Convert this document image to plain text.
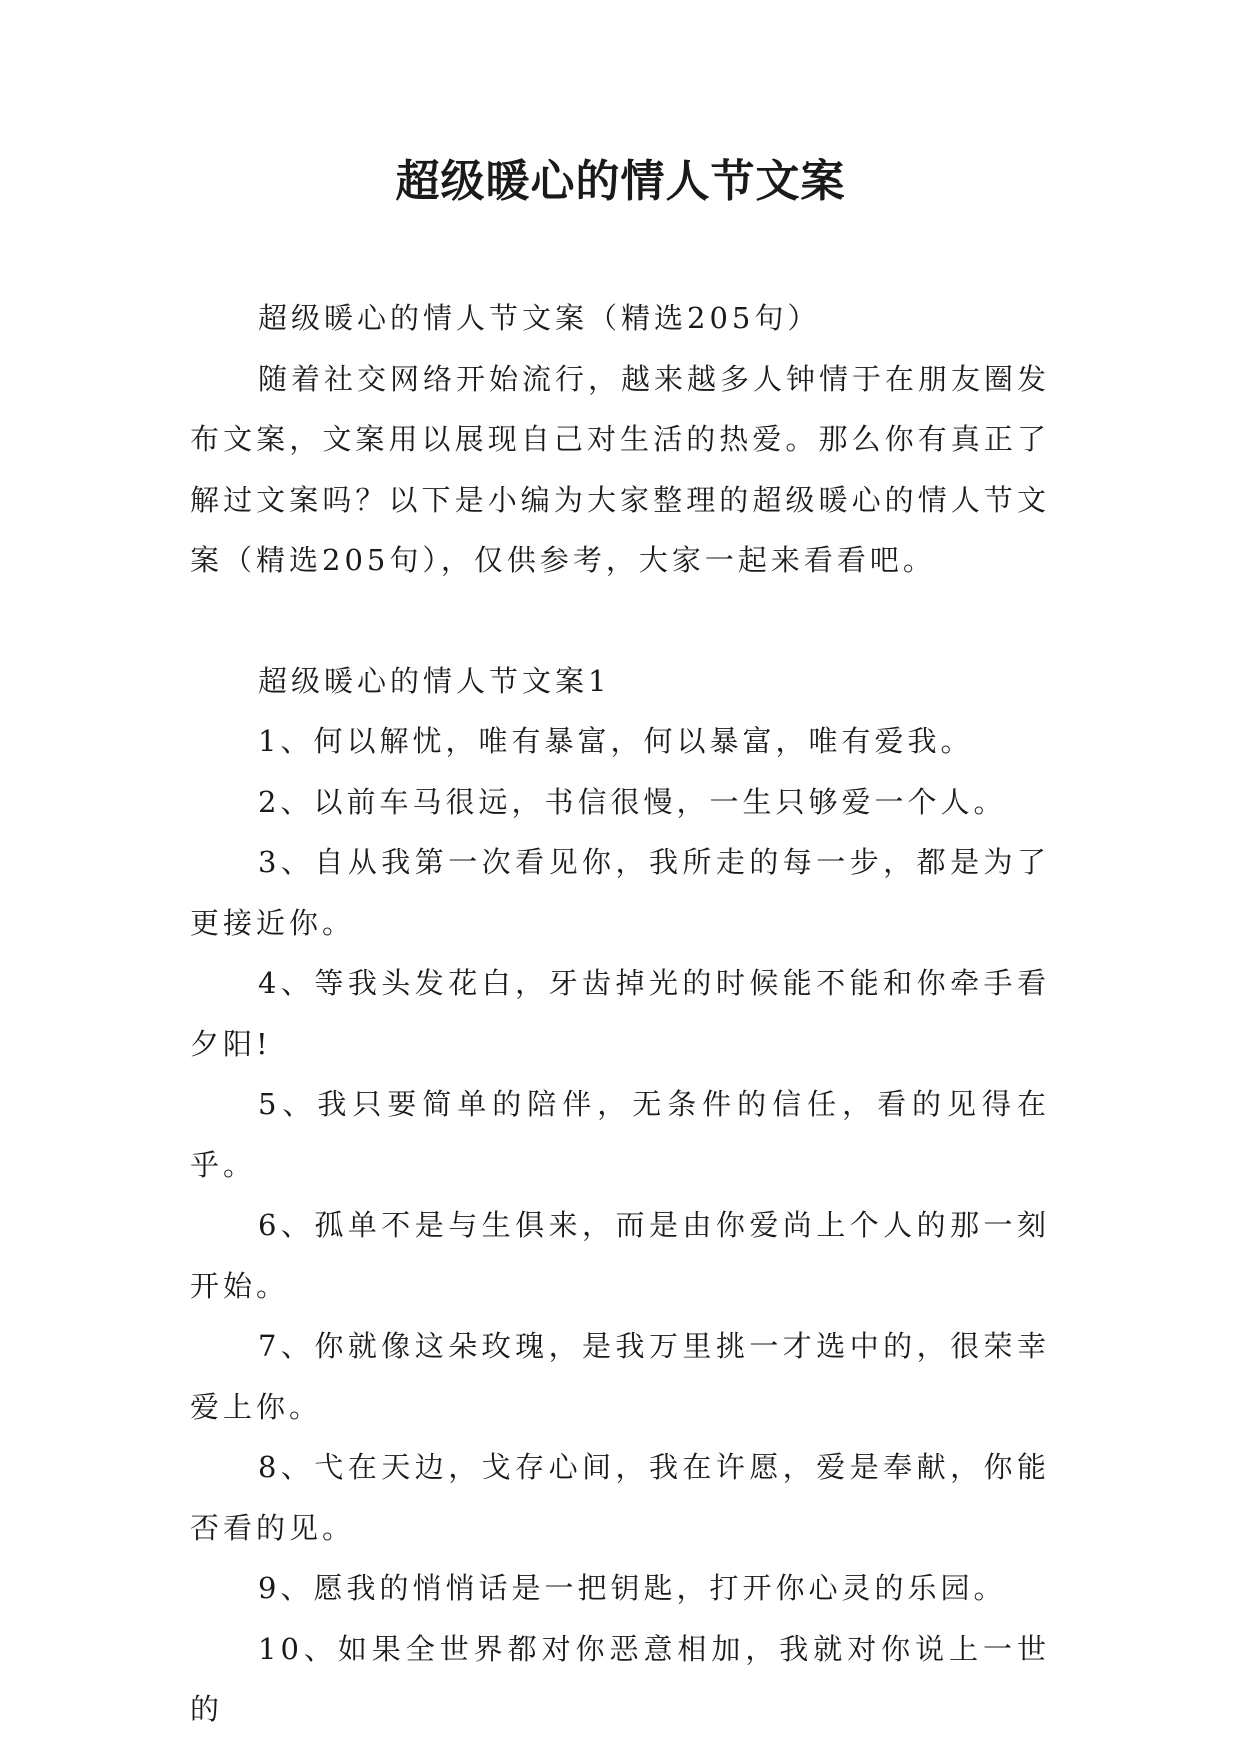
超级暖心的情人节文案

超级暖心的情人节文案（精选205句）

随着社交网络开始流行，越来越多人钟情于在朋友圈发布文案，文案用以展现自己对生活的热爱。那么你有真正了解过文案吗？以下是小编为大家整理的超级暖心的情人节文案（精选205句），仅供参考，大家一起来看看吧。

超级暖心的情人节文案1

1、何以解忧，唯有暴富，何以暴富，唯有爱我。

2、以前车马很远，书信很慢，一生只够爱一个人。

3、自从我第一次看见你，我所走的每一步，都是为了更接近你。

4、等我头发花白，牙齿掉光的时候能不能和你牵手看夕阳!

5、我只要简单的陪伴，无条件的信任，看的见得在乎。

6、孤单不是与生俱来，而是由你爱尚上个人的那一刻开始。

7、你就像这朵玫瑰，是我万里挑一才选中的，很荣幸爱上你。

8、弋在天边，戈存心间，我在许愿，爱是奉献，你能否看的见。

9、愿我的悄悄话是一把钥匙，打开你心灵的乐园。

10、如果全世界都对你恶意相加，我就对你说上一世的
